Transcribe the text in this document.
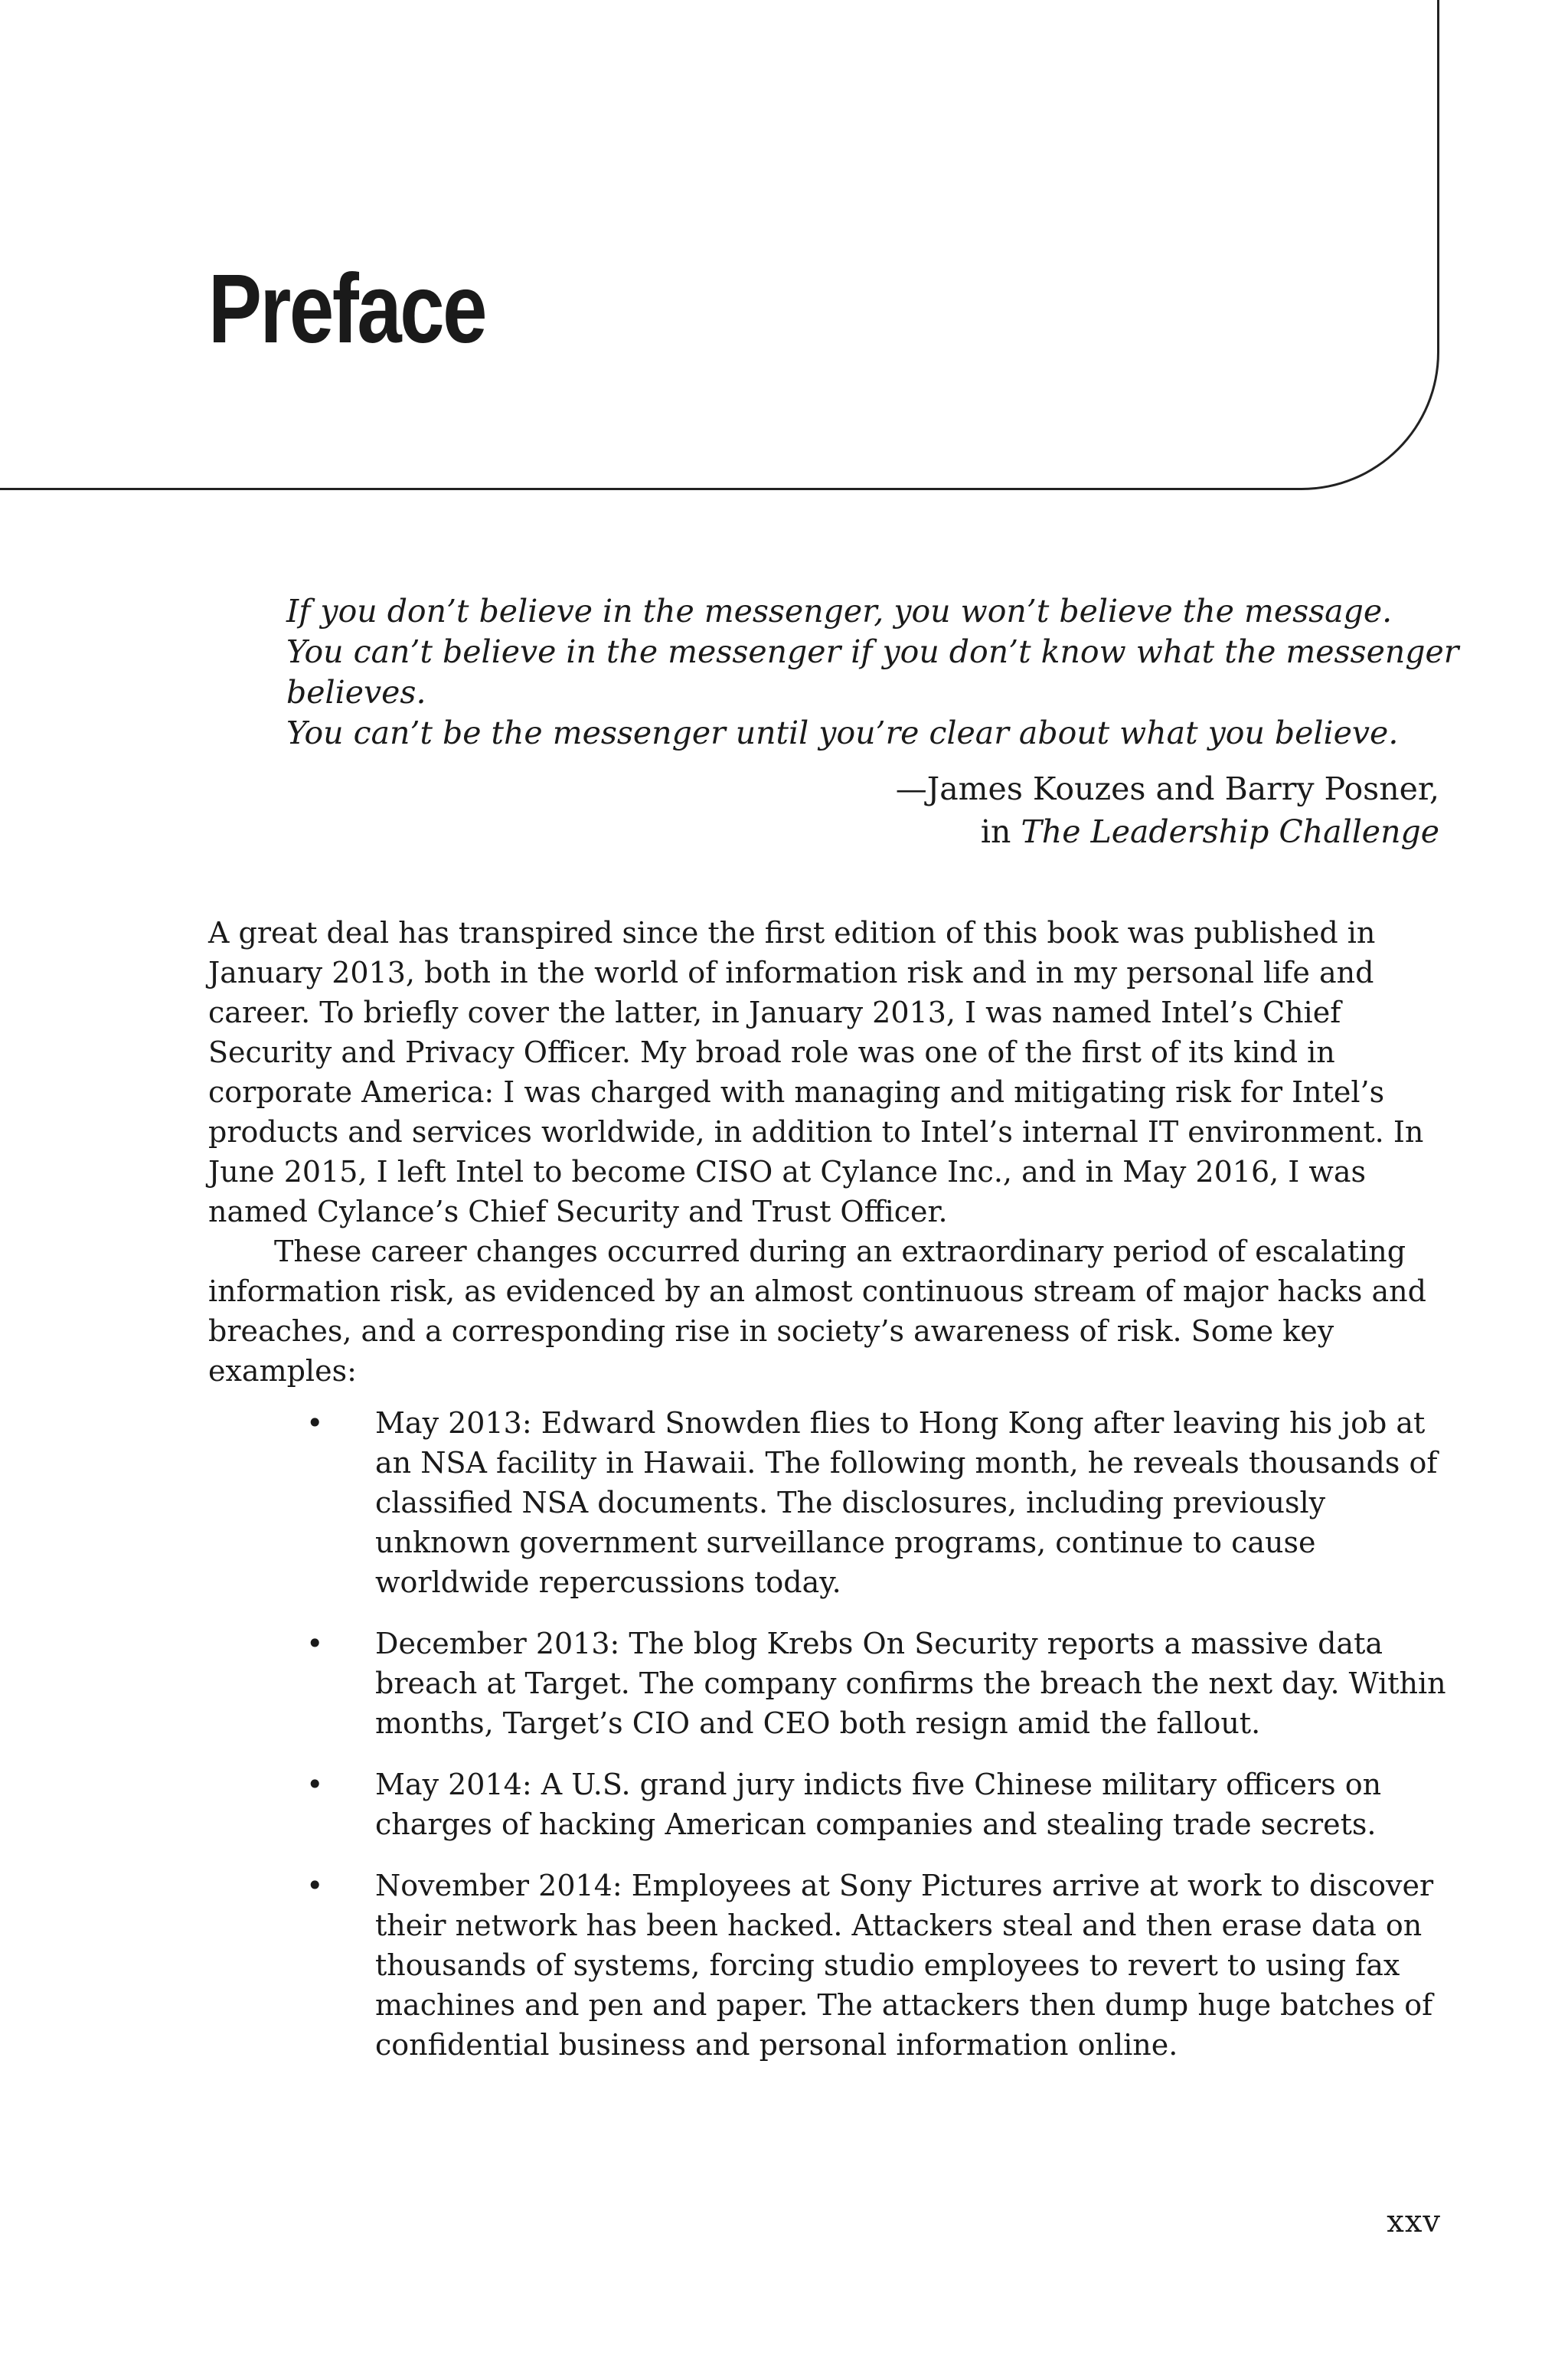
Preface
If you don’t believe in the messenger, you won’t believe the message.
You can’t believe in the messenger if you don’t know what the messenger
believes.
You can’t be the messenger until you’re clear about what you believe.
—James Kouzes and Barry Posner,
in The Leadership Challenge

A great deal has transpired since the first edition of this book was published in January 2013, both in the world of information risk and in my personal life and career. To briefly cover the latter, in January 2013, I was named Intel’s Chief Security and Privacy Officer. My broad role was one of the first of its kind in corporate America: I was charged with managing and mitigating risk for Intel’s products and services worldwide, in addition to Intel’s internal IT environment. In June 2015, I left Intel to become CISO at Cylance Inc., and in May 2016, I was named Cylance’s Chief Security and Trust Officer.

These career changes occurred during an extraordinary period of escalating information risk, as evidenced by an almost continuous stream of major hacks and breaches, and a corresponding rise in society’s awareness of risk. Some key examples:

• May 2013: Edward Snowden flies to Hong Kong after leaving his job at an NSA facility in Hawaii. The following month, he reveals thousands of classified NSA documents. The disclosures, including previously unknown government surveillance programs, continue to cause worldwide repercussions today.
• December 2013: The blog Krebs On Security reports a massive data breach at Target. The company confirms the breach the next day. Within months, Target’s CIO and CEO both resign amid the fallout.
• May 2014: A U.S. grand jury indicts five Chinese military officers on charges of hacking American companies and stealing trade secrets.
• November 2014: Employees at Sony Pictures arrive at work to discover their network has been hacked. Attackers steal and then erase data on thousands of systems, forcing studio employees to revert to using fax machines and pen and paper. The attackers then dump huge batches of confidential business and personal information online.
xxv
